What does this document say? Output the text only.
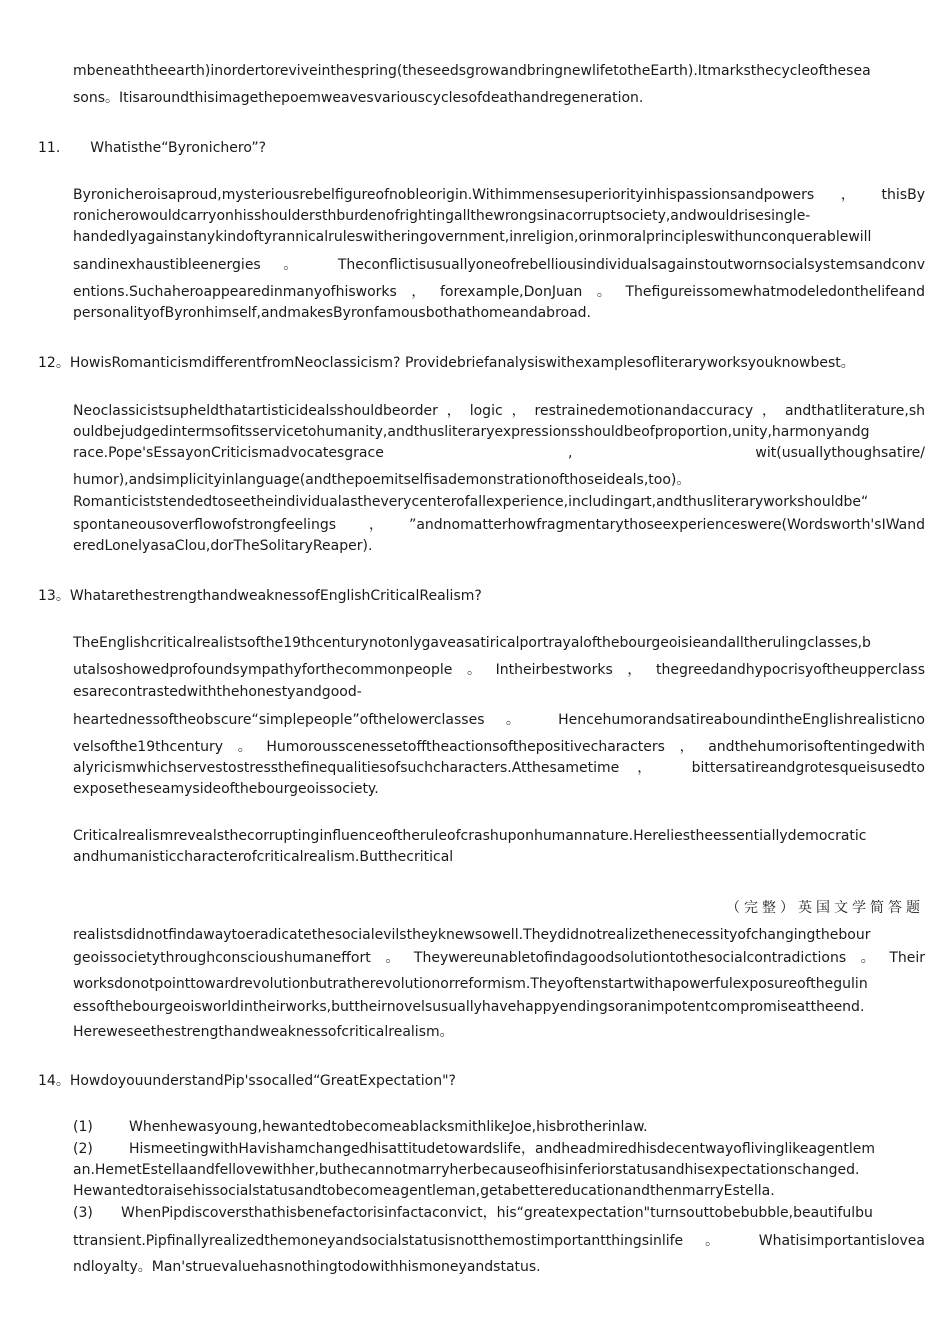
mbeneaththeearth)inordertoreviveinthespring(theseedsgrowandbringnewlifetotheEarth).Itmarksthecycleofthesea

sons。Itisaroundthisimagethepoemweavesvariouscyclesofdeathandregeneration.

11. Whatisthe“Byronichero”?

Byronicheroisaproud,mysteriousrebelfigureofnobleorigin.Withimmensesuperiorityinhispassionsandpowers，thisBy

ronicherowouldcarryonhisshouldersthburdenofrightingallthewrongsinacorruptsociety,andwouldrisesingle-

handedlyagainstanykindoftyrannicalruleswitheringovernment,inreligion,orinmoralprincipleswithunconquerablewill

sandinexhaustibleenergies 。 Theconflictisusuallyoneofrebelliousindividualsagainstoutwornsocialsystemsandconv

entions.Suchaheroappearedinmanyofhisworks，forexample,DonJuan。Thefigureissomewhatmodeledonthelifeand

personalityofByronhimself,andmakesByronfamousbothathomeandabroad.

12。HowisRomanticismdifferentfromNeoclassicism? Providebriefanalysiswithexamplesofliteraryworksyouknowbest。

Neoclassicistsupheldthatartisticidealsshouldbeorder，logic，restrainedemotionandaccuracy，andthatliterature,sh

ouldbejudgedintermsofitsservicetohumanity,andthusliteraryexpressionsshouldbeofproportion,unity,harmonyandg

race.Pope'sEssayonCriticismadvocatesgrace	,	wit(usuallythoughsatire/

humor),andsimplicityinlanguage(andthepoemitselfisademonstrationofthoseideals,too)。

Romanticiststendedtoseetheindividualastheverycenterofallexperience,includingart,andthusliteraryworkshouldbe“

spontaneousoverflowofstrongfeelings，”andnomatterhowfragmentarythoseexperienceswere(Wordsworth'sIWand

eredLonelyasaClou,dorTheSolitaryReaper).

13。WhatarethestrengthandweaknessofEnglishCriticalRealism?

TheEnglishcriticalrealistsofthe19thcenturynotonlygaveasatiricalportrayalofthebourgeoisieandalltherulingclasses,b

utalsoshowedprofoundsympathyforthecommonpeople。Intheirbestworks，thegreedandhypocrisyoftheupperclass

esarecontrastedwiththehonestyandgood-

heartednessoftheobscure“simplepeople”ofthelowerclasses 。 HencehumorandsatireaboundintheEnglishrealisticno

velsofthe19thcentury。Humorousscenessetofftheactionsofthepositivecharacters，andthehumorisoftentingedwith

alyricismwhichservestostressthefinequalitiesofsuchcharacters.Atthesametime， bittersatireandgrotesqueisusedto

exposetheseamysideofthebourgeoissociety.

Criticalrealismrevealsthecorruptinginfluenceoftheruleofcrashuponhumannature.Hereliestheessentiallydemocratic

andhumanisticcharacterofcriticalrealism.Butthecritical

（完整）英国文学简答题

realistsdidnotfindawaytoeradicatethesocialevilstheyknewsowell.Theydidnotrealizethenecessityofchangingthebour

geoissocietythroughconscioushumaneffort。Theywereunabletofindagoodsolutiontothesocialcontradictions。Their

worksdonotpointtowardrevolutionbutratherevolutionorreformism.Theyoftenstartwithapowerfulexposureofthegulin

essofthebourgeoisworldintheirworks,buttheirnovelsusuallyhavehappyendingsoranimpotentcompromiseattheend.

Hereweseethestrengthandweaknessofcriticalrealism。

14。HowdoyouunderstandPip'ssocalled“GreatExpectation"?

(1)	Whenhewasyoung,hewantedtobecomeablacksmithlikeJoe,hisbrotherinlaw.
(2)	HismeetingwithHavishamchangedhisattitudetowardslife，andheadmiredhisdecentwayoflivinglikeagentlem

an.HemetEstellaandfellovewithher,buthecannotmarryherbecauseofhisinferiorstatusandhisexpectationschanged.

Hewantedtoraisehissocialstatusandtobecomeagentleman,getabettereducationandthenmarryEstella.

(3) WhenPipdiscoversthathisbenefactorisinfactaconvict，his“greatexpectation"turnsouttobebubble,beautifulbu

ttransient.Pipfinallyrealizedthemoneyandsocialstatusisnotthemostimportantthingsinlife 。 Whatisimportantislovea

ndloyalty。Man'struevaluehasnothingtodowithhismoneyandstatus.
